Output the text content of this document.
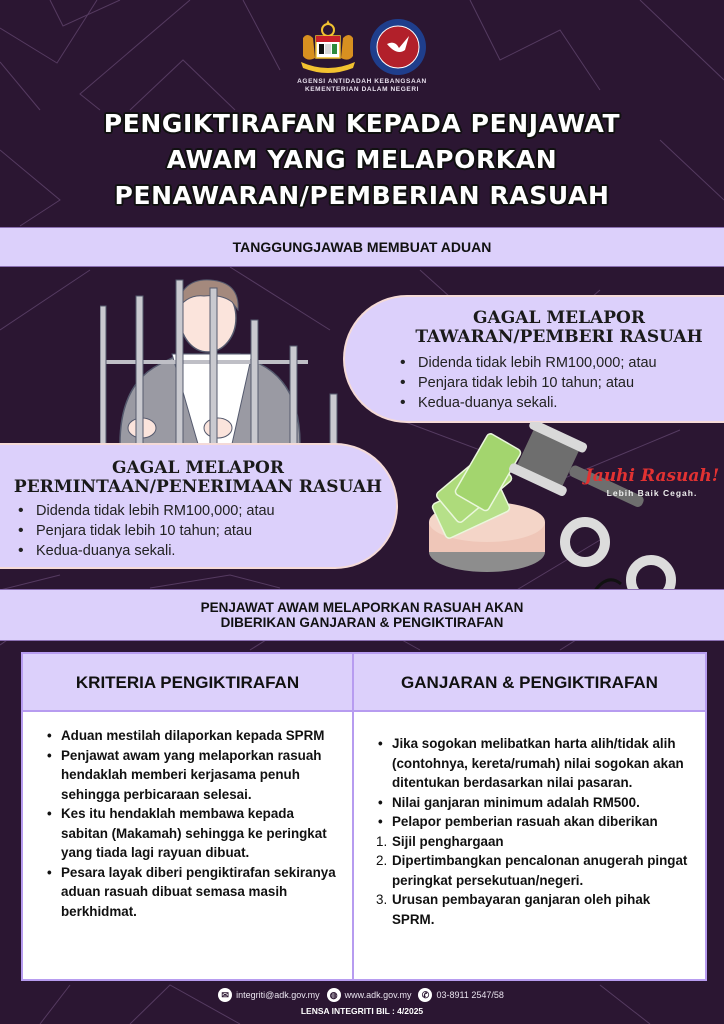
AGENSI ANTIDADAH KEBANGSAAN
KEMENTERIAN DALAM NEGERI
PENGIKTIRAFAN KEPADA PENJAWAT
AWAM YANG MELAPORKAN
PENAWARAN/PEMBERIAN RASUAH
TANGGUNGJAWAB MEMBUAT ADUAN
GAGAL MELAPOR
TAWARAN/PEMBERI RASUAH
• Didenda tidak lebih RM100,000; atau
• Penjara tidak lebih 10 tahun; atau
• Kedua-duanya sekali.
GAGAL MELAPOR
PERMINTAAN/PENERIMAAN RASUAH
• Didenda tidak lebih RM100,000; atau
• Penjara tidak lebih 10 tahun; atau
• Kedua-duanya sekali.
Jauhi Rasuah!
Lebih Baik Cegah.
PENJAWAT AWAM MELAPORKAN RASUAH AKAN
DIBERIKAN GANJARAN & PENGIKTIRAFAN
KRITERIA PENGIKTIRAFAN	GANJARAN & PENGIKTIRAFAN
• Aduan mestilah dilaporkan kepada SPRM
• Penjawat awam yang melaporkan rasuah hendaklah memberi kerjasama penuh sehingga perbicaraan selesai.
• Kes itu hendaklah membawa kepada sabitan (Makamah) sehingga ke peringkat yang tiada lagi rayuan dibuat.
• Pesara layak diberi pengiktirafan sekiranya aduan rasuah dibuat semasa masih berkhidmat.
• Jika sogokan melibatkan harta alih/tidak alih (contohnya, kereta/rumah) nilai sogokan akan ditentukan berdasarkan nilai pasaran.
• Nilai ganjaran minimum adalah RM500.
• Pelapor pemberian rasuah akan diberikan
1. Sijil penghargaan
2. Dipertimbangkan pencalonan anugerah pingat peringkat persekutuan/negeri.
3. Urusan pembayaran ganjaran oleh pihak SPRM.
✉ integriti@adk.gov.my	◍ www.adk.gov.my	✆ 03-8911 2547/58
LENSA INTEGRITI BIL : 4/2025
